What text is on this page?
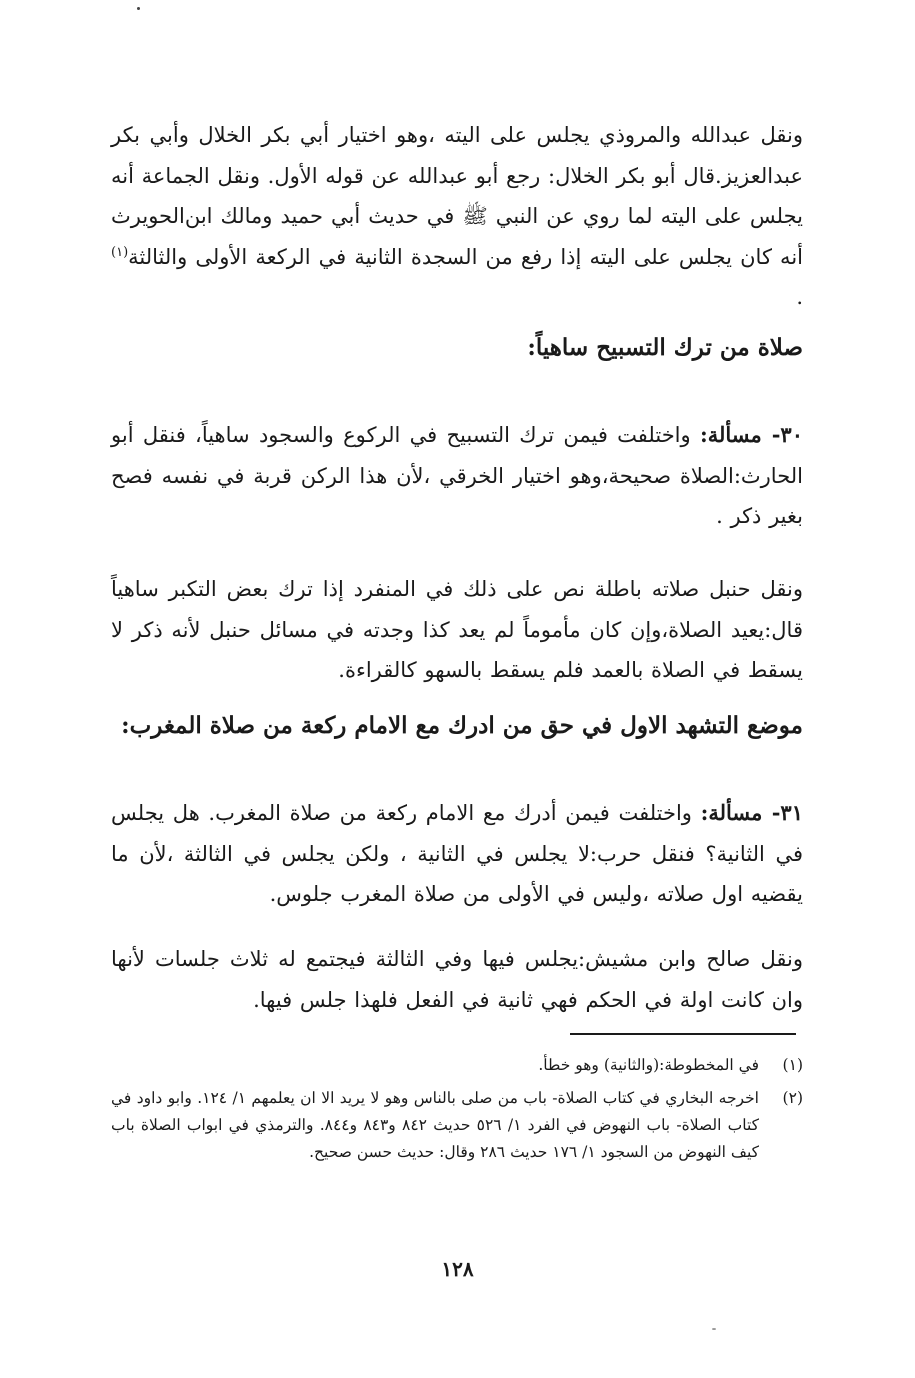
ونقل عبدالله والمروذي يجلس على اليته ،وهو اختيار أبي بكر الخلال وأبي بكر عبدالعزيز.قال أبو بكر الخلال: رجع أبو عبدالله عن قوله الأول. ونقل الجماعة أنه يجلس على اليته لما روي عن النبي ﷺ في حديث أبي حميد ومالك ابن‌الحويرث أنه كان يجلس على اليته إذا رفع من السجدة الثانية في الركعة الأولى والثالثة$^{(١)}$ .

صلاة من ترك التسبيح ساهياً:

٣٠- مسألة: واختلفت فيمن ترك التسبيح في الركوع والسجود ساهياً، فنقل أبو الحارث:الصلاة صحيحة،وهو اختيار الخرقي ،لأن هذا الركن قربة في نفسه فصح بغير ذكر .

ونقل حنبل صلاته باطلة نص على ذلك في المنفرد إذا ترك بعض التكبر ساهياً قال:يعيد الصلاة،وإن كان مأموماً لم يعد كذا وجدته في مسائل حنبل لأنه ذكر لا يسقط في الصلاة بالعمد فلم يسقط بالسهو كالقراءة.

موضع التشهد الاول في حق من ادرك مع الامام ركعة من صلاة المغرب:

٣١- مسألة: واختلفت فيمن أدرك مع الامام ركعة من صلاة المغرب. هل يجلس في الثانية؟ فنقل حرب:لا يجلس في الثانية ، ولكن يجلس في الثالثة ،لأن ما يقضيه اول صلاته ،وليس في الأولى من صلاة المغرب جلوس.

ونقل صالح وابن مشيش:يجلس فيها وفي الثالثة فيجتمع له ثلاث جلسات لأنها وان كانت اولة في الحكم فهي ثانية في الفعل فلهذا جلس فيها.

(١)
في المخطوطة:(والثانية) وهو خطأ.
(٢)
اخرجه البخاري في كتاب الصلاة- باب من صلى بالناس وهو لا يريد الا ان يعلمهم ١/ ١٢٤. وابو داود في كتاب الصلاة- باب النهوض في الفرد ١/ ٥٢٦ حديث ٨٤٢ و٨٤٣ و٨٤٤. والترمذي في ابواب الصلاة باب كيف النهوض من السجود ١/ ١٧٦ حديث ٢٨٦ وقال: حديث حسن صحيح.
١٢٨
